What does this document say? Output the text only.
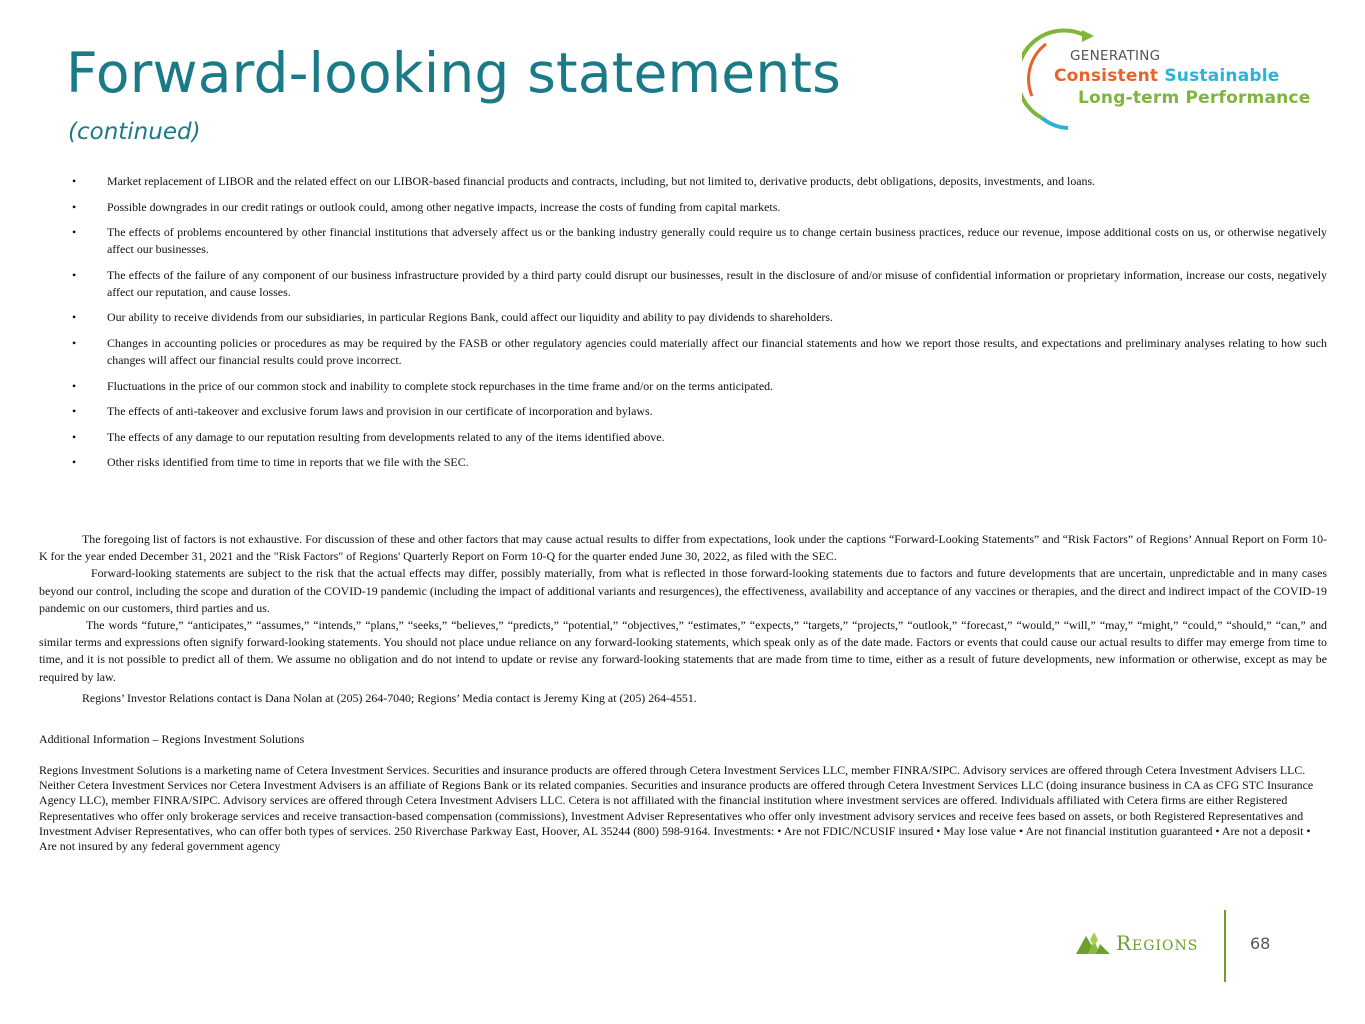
Forward-looking statements
(continued)
GENERATING
Consistent Sustainable
Long-term Performance
•	Market replacement of LIBOR and the related effect on our LIBOR-based financial products and contracts, including, but not limited to, derivative products, debt obligations, deposits, investments, and loans.
•	Possible downgrades in our credit ratings or outlook could, among other negative impacts, increase the costs of funding from capital markets.
•	The effects of problems encountered by other financial institutions that adversely affect us or the banking industry generally could require us to change certain business practices, reduce our revenue, impose additional costs on us, or otherwise negatively affect our businesses.
•	The effects of the failure of any component of our business infrastructure provided by a third party could disrupt our businesses, result in the disclosure of and/or misuse of confidential information or proprietary information, increase our costs, negatively affect our reputation, and cause losses.
•	Our ability to receive dividends from our subsidiaries, in particular Regions Bank, could affect our liquidity and ability to pay dividends to shareholders.
•	Changes in accounting policies or procedures as may be required by the FASB or other regulatory agencies could materially affect our financial statements and how we report those results, and expectations and preliminary analyses relating to how such changes will affect our financial results could prove incorrect.
•	Fluctuations in the price of our common stock and inability to complete stock repurchases in the time frame and/or on the terms anticipated.
•	The effects of anti-takeover and exclusive forum laws and provision in our certificate of incorporation and bylaws.
•	The effects of any damage to our reputation resulting from developments related to any of the items identified above.
•	Other risks identified from time to time in reports that we file with the SEC.

The foregoing list of factors is not exhaustive. For discussion of these and other factors that may cause actual results to differ from expectations, look under the captions “Forward-Looking Statements” and “Risk Factors” of Regions’ Annual Report on Form 10-K for the year ended December 31, 2021 and the "Risk Factors" of Regions' Quarterly Report on Form 10-Q for the quarter ended June 30, 2022, as filed with the SEC.

Forward-looking statements are subject to the risk that the actual effects may differ, possibly materially, from what is reflected in those forward-looking statements due to factors and future developments that are uncertain, unpredictable and in many cases beyond our control, including the scope and duration of the COVID-19 pandemic (including the impact of additional variants and resurgences), the effectiveness, availability and acceptance of any vaccines or therapies, and the direct and indirect impact of the COVID-19 pandemic on our customers, third parties and us.

The words “future,” “anticipates,” “assumes,” “intends,” “plans,” “seeks,” “believes,” “predicts,” “potential,” “objectives,” “estimates,” “expects,” “targets,” “projects,” “outlook,” “forecast,” “would,” “will,” “may,” “might,” “could,” “should,” “can,” and similar terms and expressions often signify forward-looking statements. You should not place undue reliance on any forward-looking statements, which speak only as of the date made. Factors or events that could cause our actual results to differ may emerge from time to time, and it is not possible to predict all of them. We assume no obligation and do not intend to update or revise any forward-looking statements that are made from time to time, either as a result of future developments, new information or otherwise, except as may be required by law.

Regions’ Investor Relations contact is Dana Nolan at (205) 264-7040; Regions’ Media contact is Jeremy King at (205) 264-4551.
Additional Information – Regions Investment Solutions
Regions Investment Solutions is a marketing name of Cetera Investment Services. Securities and insurance products are offered through Cetera Investment Services LLC, member FINRA/SIPC. Advisory services are offered through Cetera Investment Advisers LLC. Neither Cetera Investment Services nor Cetera Investment Advisers is an affiliate of Regions Bank or its related companies. Securities and insurance products are offered through Cetera Investment Services LLC (doing insurance business in CA as CFG STC Insurance Agency LLC), member FINRA/SIPC. Advisory services are offered through Cetera Investment Advisers LLC. Cetera is not affiliated with the financial institution where investment services are offered. Individuals affiliated with Cetera firms are either Registered Representatives who offer only brokerage services and receive transaction-based compensation (commissions), Investment Adviser Representatives who offer only investment advisory services and receive fees based on assets, or both Registered Representatives and Investment Adviser Representatives, who can offer both types of services. 250 Riverchase Parkway East, Hoover, AL 35244 (800) 598-9164. Investments: • Are not FDIC/NCUSIF insured • May lose value • Are not financial institution guaranteed • Are not a deposit • Are not insured by any federal government agency
Regions	68
